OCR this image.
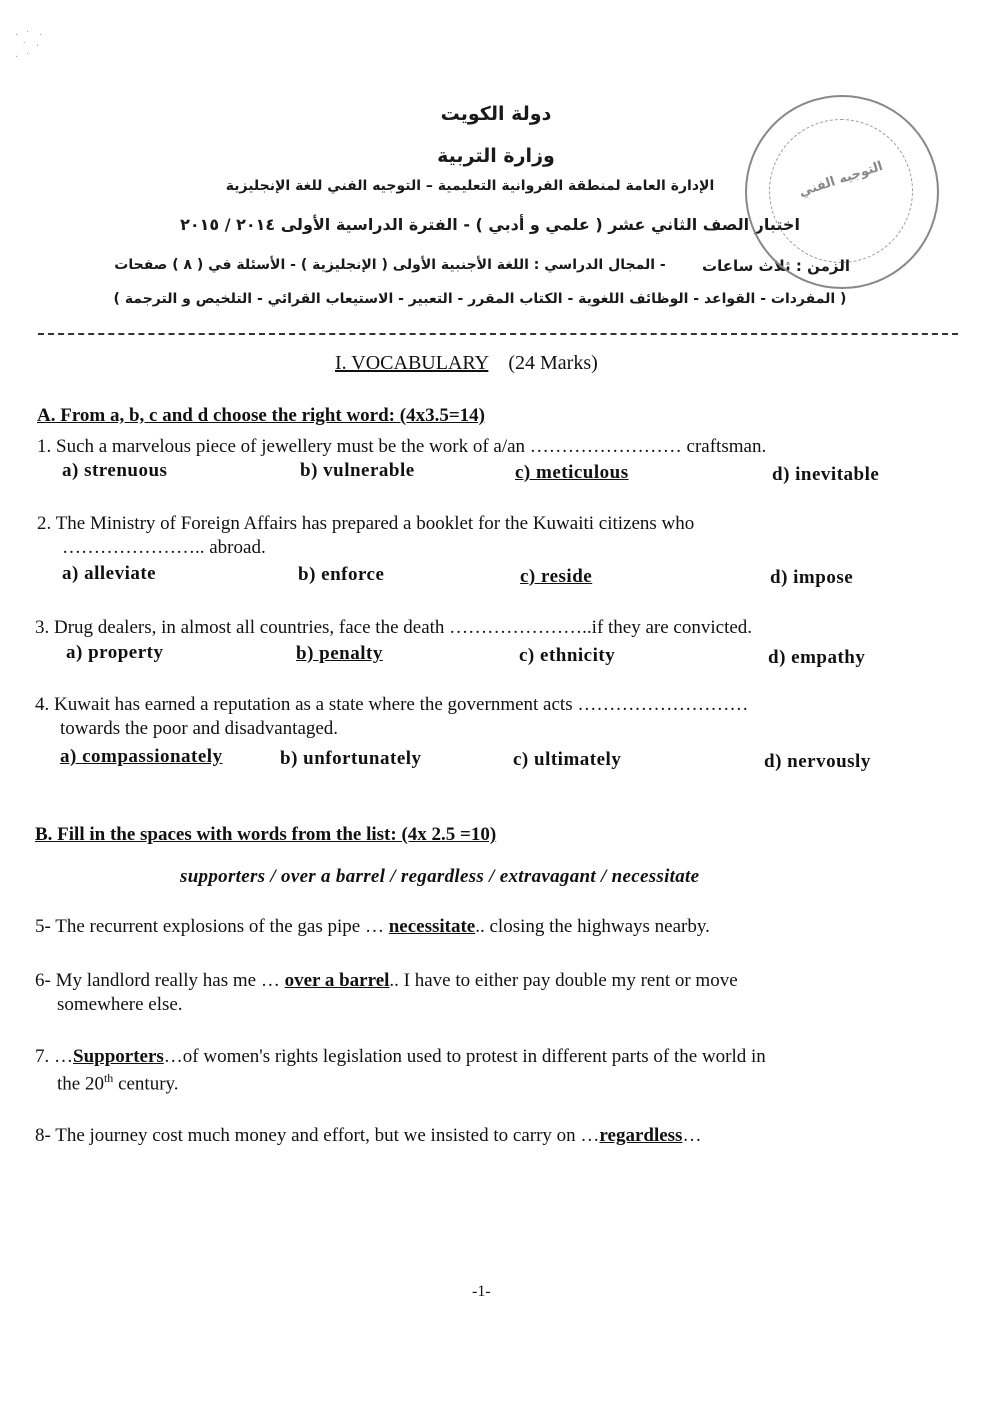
·   ˙    ·
˙    ·
·   ˙
دولة الكويت
وزارة التربية
الإدارة العامة لمنطقة الفروانية التعليمية – التوجيه الفني للغة الإنجليزية
اختبار الصف الثاني عشر ( علمي و أدبي ) - الفترة الدراسية الأولى ٢٠١٤ / ٢٠١٥
الزمن : ثلاث ساعات
- المجال الدراسي : اللغة الأجنبية الأولى ( الإنجليزية ) - الأسئلة في ( ٨ ) صفحات
( المفردات - القواعد - الوظائف اللغوية - الكتاب المقرر - التعبير - الاستيعاب القرائي - التلخيص و الترجمة )
التوجيه الفني
I. VOCABULARY (24 Marks)
A. From a, b, c and d choose the right word: (4x3.5=14)
1. Such a marvelous piece of jewellery must be the work of a/an …………………… craftsman.
a) strenuous	b) vulnerable	c) meticulous	d) inevitable
2. The Ministry of Foreign Affairs has prepared a booklet for the Kuwaiti citizens who
………………….. abroad.
a) alleviate	b) enforce	c) reside	d) impose
3. Drug dealers, in almost all countries, face the death …………………..if they are convicted.
a) property	b) penalty	c) ethnicity	d) empathy
4. Kuwait has earned a reputation as a state where the government acts ………………………
towards the poor and disadvantaged.
a) compassionately	b) unfortunately	c) ultimately	d) nervously
B. Fill in the spaces with words from the list: (4x 2.5 =10)
supporters / over a barrel / regardless / extravagant / necessitate
5- The recurrent explosions of the gas pipe … necessitate.. closing the highways nearby.
6- My landlord really has me … over a barrel.. I have to either pay double my rent or move
somewhere else.
7. …Supporters…of women's rights legislation used to protest in different parts of the world in
the 20th century.
8- The journey cost much money and effort, but we insisted to carry on …regardless…
-1-
